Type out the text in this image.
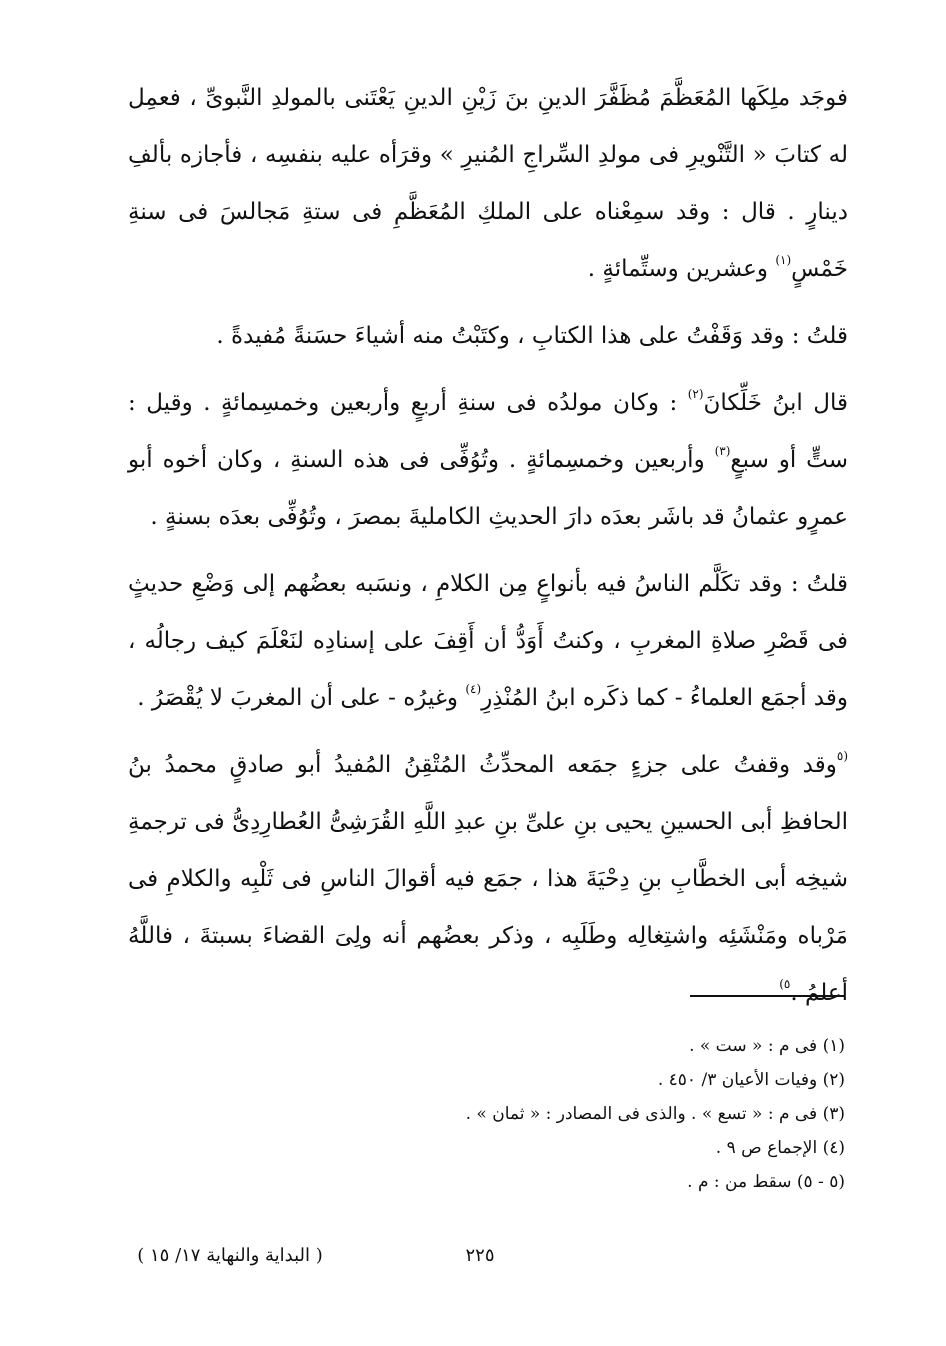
فوجَد ملِكَها المُعَظَّمَ مُظَفَّرَ الدينِ بنَ زَيْنِ الدينِ يَعْتَنى بالمولدِ النَّبوىِّ ، فعمِل له كتابَ « التَّنْويرِ فى مولدِ السِّراجِ المُنيرِ » وقرَأه عليه بنفسِه ، فأجازه بألفِ دينارٍ . قال : وقد سمِعْناه على الملكِ المُعَظَّمِ فى ستةِ مَجالسَ فى سنةِ خَمْسٍ$^{(١)}$ وعشرين وستِّمائةٍ .

قلتُ : وقد وَقَفْتُ على هذا الكتابِ ، وكتَبْتُ منه أشياءَ حسَنةً مُفيدةً .

قال ابنُ خَلِّكانَ$^{(٢)}$ : وكان مولدُه فى سنةِ أربعٍ وأربعين وخمسِمائةٍ . وقيل : ستٍّ أو سبعٍ$^{(٣)}$ وأربعين وخمسِمائةٍ . وتُوُفِّى فى هذه السنةِ ، وكان أخوه أبو عمرٍو عثمانُ قد باشَر بعدَه دارَ الحديثِ الكامليةَ بمصرَ ، وتُوُفِّى بعدَه بسنةٍ .

قلتُ : وقد تكَلَّم الناسُ فيه بأنواعٍ مِن الكلامِ ، ونسَبه بعضُهم إلى وَضْعِ حديثٍ فى قَصْرِ صلاةِ المغربِ ، وكنتُ أَوَدُّ أن أَقِفَ على إسنادِه لنَعْلَمَ كيف رجالُه ، وقد أجمَع العلماءُ - كما ذكَره ابنُ المُنْذِرِ$^{(٤)}$ وغيرُه - على أن المغربَ لا يُقْصَرُ .

$^{(٥}$وقد وقفتُ على جزءٍ جمَعه المحدِّثُ المُتْقِنُ المُفيدُ أبو صادقٍ محمدُ بنُ الحافظِ أبى الحسينِ يحيى بنِ علىِّ بنِ عبدِ اللَّهِ القُرَشِىُّ العُطارِدِىُّ فى ترجمةِ شيخِه أبى الخطَّابِ بنِ دِحْيَةَ هذا ، جمَع فيه أقوالَ الناسِ فى ثَلْبِه والكلامِ فى مَرْباه ومَنْشَئِه واشتِغالِه وطَلَبِه ، وذكر بعضُهم أنه ولِىَ القضاءَ بسبتةَ ، فاللَّهُ أعلمُ .$^{٥)}$

(١) فى م : « ست » .
(٢) وفيات الأعيان ٣/ ٤٥٠ .
(٣) فى م : « تسع » . والذى فى المصادر : « ثمان » .
(٤) الإجماع ص ٩ .
(٥ - ٥) سقط من : م .
( البداية والنهاية ١٧/ ١٥ )	٢٢٥
